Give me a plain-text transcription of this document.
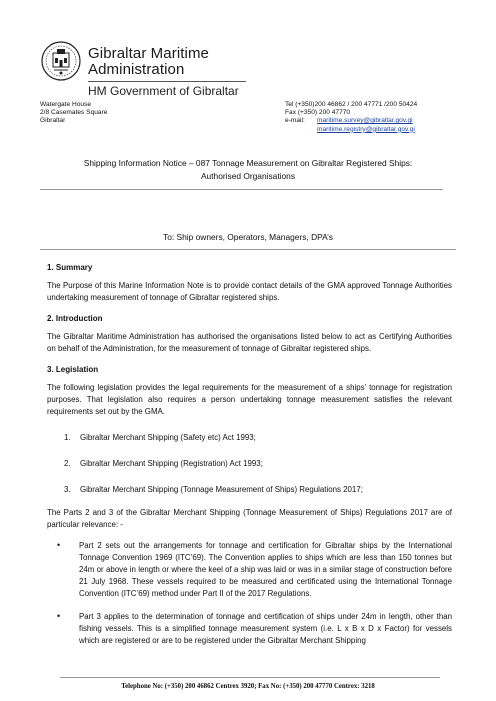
Gibraltar Maritime
Administration
HM Government of Gibraltar
Watergate House
2/8 Casemates Square
Gibraltar
Tel (+350)200 46862 / 200 47771 /200 50424
Fax (+350) 200 47770
e-mail:	maritime.survey@gibraltar.gov.gi
maritime.registry@gibraltar.gov.gi
Shipping Information Notice – 087 Tonnage Measurement on Gibraltar Registered Ships:
Authorised Organisations
To: Ship owners, Operators, Managers, DPA’s
1. Summary
The Purpose of this Marine Information Note is to provide contact details of the GMA approved Tonnage Authorities undertaking measurement of tonnage of Gibraltar registered ships.
2. Introduction
The Gibraltar Maritime Administration has authorised the organisations listed below to act as Certifying Authorities on behalf of the Administration, for the measurement of tonnage of Gibraltar registered ships.
3. Legislation
The following legislation provides the legal requirements for the measurement of a ships’ tonnage for registration purposes. That legislation also requires a person undertaking tonnage measurement satisfies the relevant requirements set out by the GMA.
1. Gibraltar Merchant Shipping (Safety etc) Act 1993;
2. Gibraltar Merchant Shipping (Registration) Act 1993;
3. Gibraltar Merchant Shipping (Tonnage Measurement of Ships) Regulations 2017;
The Parts 2 and 3 of the Gibraltar Merchant Shipping (Tonnage Measurement of Ships) Regulations 2017 are of particular relevance: -
• Part 2 sets out the arrangements for tonnage and certification for Gibraltar ships by the International Tonnage Convention 1969 (ITC’69). The Convention applies to ships which are less than 150 tonnes but 24m or above in length or where the keel of a ship was laid or was in a similar stage of construction before 21 July 1968. These vessels required to be measured and certificated using the International Tonnage Convention (ITC’69) method under Part II of the 2017 Regulations.
• Part 3 applies to the determination of tonnage and certification of ships under 24m in length, other than fishing vessels. This is a simplified tonnage measurement system (i.e. L x B x D x Factor) for vessels which are registered or are to be registered under the Gibraltar Merchant Shipping
Telephone No: (+350) 200 46862 Centrex 3920; Fax No: (+350) 200 47770 Centrex: 3218
